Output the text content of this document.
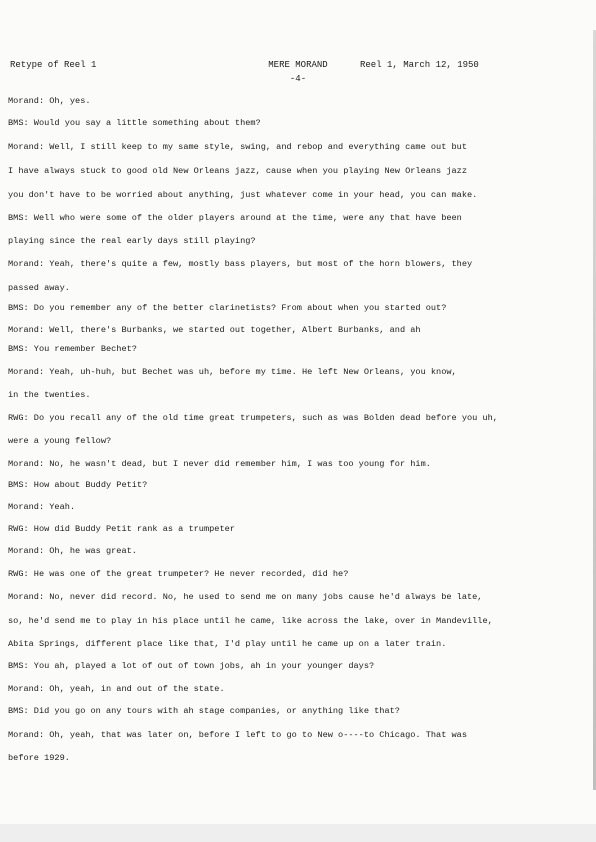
Retype of Reel 1	MERE MORAND
-4-
Reel 1, March 12, 1950
Morand: Oh, yes.
BMS: Would you say a little something about them?
Morand: Well, I still keep to my same style, swing, and rebop and everything came out but
I have always stuck to good old New Orleans jazz, cause when you playing New Orleans jazz
you don't have to be worried about anything, just whatever come in your head, you can make.
BMS: Well who were some of the older players around at the time, were any that have been
playing since the real early days still playing?
Morand: Yeah, there's quite a few, mostly bass players, but most of the horn blowers, they
passed away.
BMS: Do you remember any of the better clarinetists? From about when you started out?
Morand: Well, there's Burbanks, we started out together, Albert Burbanks, and ah
BMS: You remember Bechet?
Morand: Yeah, uh-huh, but Bechet was uh, before my time. He left New Orleans, you know,
in the twenties.
RWG: Do you recall any of the old time great trumpeters, such as was Bolden dead before you uh,
were a young fellow?
Morand: No, he wasn't dead, but I never did remember him, I was too young for him.
BMS: How about Buddy Petit?
Morand: Yeah.
RWG: How did Buddy Petit rank as a trumpeter
Morand: Oh, he was great.
RWG: He was one of the great trumpeter? He never recorded, did he?
Morand: No, never did record. No, he used to send me on many jobs cause he'd always be late,
so, he'd send me to play in his place until he came, like across the lake, over in Mandeville,
Abita Springs, different place like that, I'd play until he came up on a later train.
BMS: You ah, played a lot of out of town jobs, ah in your younger days?
Morand: Oh, yeah, in and out of the state.
BMS: Did you go on any tours with ah stage companies, or anything like that?
Morand: Oh, yeah, that was later on, before I left to go to New o----to Chicago. That was
before 1929.
